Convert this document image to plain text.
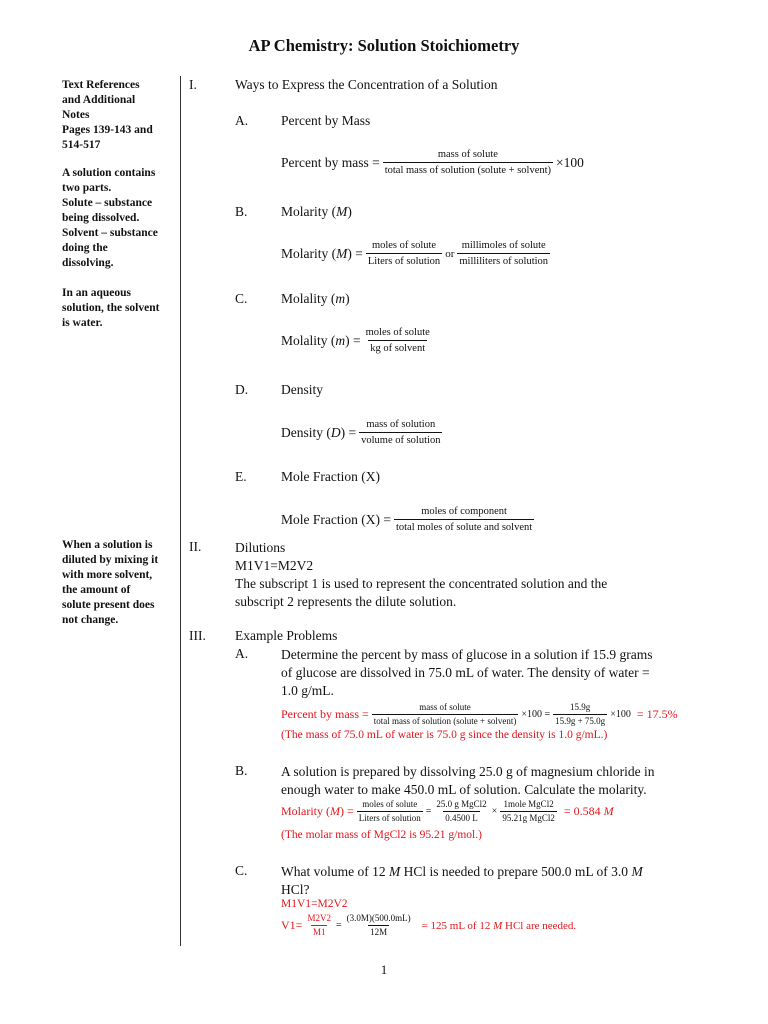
AP Chemistry: Solution Stoichiometry
Text References
and Additional
Notes
Pages 139-143 and
514-517
A solution contains
two parts.
Solute – substance
being dissolved.
Solvent – substance
doing the
dissolving.
In an aqueous
solution, the solvent
is water.
When a solution is
diluted by mixing it
with more solvent,
the amount of
solute present does
not change.
I.	Ways to Express the Concentration of a Solution
A. Percent by Mass
Percent by mass = $\frac{\text{mass of solute}}{\text{total mass of solution (solute + solvent)}} \times 100$
B. Molarity (M)
Molarity ( M ) = $\frac{\text{moles of solute}}{\text{Liters of solution}}$ or $\frac{\text{millimoles of solute}}{\text{milliliters of solution}}$
C. Molality (m)
Molality ( m ) = $\frac{\text{moles of solute}}{\text{kg of solvent}}$
D. Density
Density ( D ) = $\frac{\text{mass of solution}}{\text{volume of solution}}$
E.	Mole Fraction (X)
Mole Fraction $(X) = \frac{\text{moles of component}}{\text{total moles of solute and solvent}}$
II. Dilutions
M1V1=M2V2
The subscript 1 is used to represent the concentrated solution and the
subscript 2 represents the dilute solution.
III. Example Problems
A. Determine the percent by mass of glucose in a solution if 15.9 grams
of glucose are dissolved in 75.0 mL of water. The density of water =
1.0 g/mL.
Percent by mass = $\frac{\text{mass of solute}}{\text{total mass of solution (solute + solvent)}} \times 100 = \frac{15.9g}{15.9g + 75.0g} \times 100 = 17.5\%$
(The mass of 75.0 mL of water is 75.0 g since the density is 1.0 g/mL.)
B. A solution is prepared by dissolving 25.0 g of magnesium chloride in
enough water to make 450.0 mL of solution. Calculate the molarity.
Molarity ( M ) = $\frac{\text{moles of solute}}{\text{Liters of solution}} = \frac{\text{25.0 g MgCl2}}{0.4500 L} \times \frac{\text{1mole MgCl2}}{\text{95.21g MgCl2}} = 0.584$
M
(The molar mass of MgCl2 is 95.21 g/mol.)
C. What volume of 12 M HCl is needed to prepare 500.0 mL of 3.0 M
HCl?
M1V1=M2V2
$V1= \frac{M2V2}{M1} = \frac{(3.0M)(500.0mL)}{12M} = 125$ mL of 12 M HCl are needed.
1
